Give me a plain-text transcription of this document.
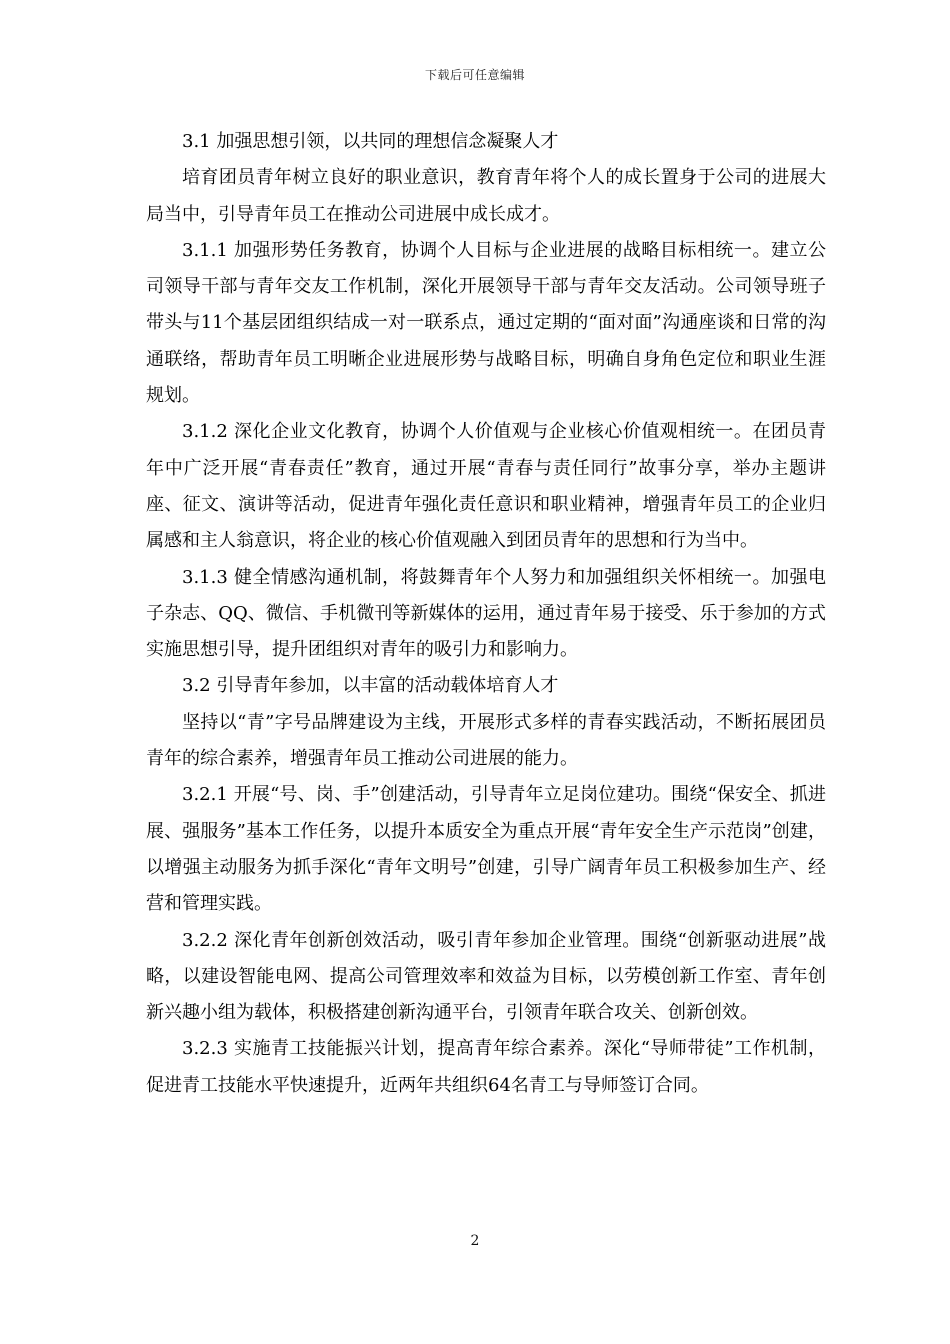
下载后可任意编辑

3.1 加强思想引领，以共同的理想信念凝聚人才

培育团员青年树立良好的职业意识，教育青年将个人的成长置身于公司的进展大局当中，引导青年员工在推动公司进展中成长成才。

3.1.1 加强形势任务教育，协调个人目标与企业进展的战略目标相统一。建立公司领导干部与青年交友工作机制，深化开展领导干部与青年交友活动。公司领导班子带头与11个基层团组织结成一对一联系点，通过定期的“面对面”沟通座谈和日常的沟通联络，帮助青年员工明晰企业进展形势与战略目标，明确自身角色定位和职业生涯规划。

3.1.2 深化企业文化教育，协调个人价值观与企业核心价值观相统一。在团员青年中广泛开展“青春责任”教育，通过开展“青春与责任同行”故事分享，举办主题讲座、征文、演讲等活动，促进青年强化责任意识和职业精神，增强青年员工的企业归属感和主人翁意识，将企业的核心价值观融入到团员青年的思想和行为当中。

3.1.3 健全情感沟通机制，将鼓舞青年个人努力和加强组织关怀相统一。加强电子杂志、QQ、微信、手机微刊等新媒体的运用，通过青年易于接受、乐于参加的方式实施思想引导，提升团组织对青年的吸引力和影响力。

3.2 引导青年参加，以丰富的活动载体培育人才

坚持以“青”字号品牌建设为主线，开展形式多样的青春实践活动，不断拓展团员青年的综合素养，增强青年员工推动公司进展的能力。

3.2.1 开展“号、岗、手”创建活动，引导青年立足岗位建功。围绕“保安全、抓进展、强服务”基本工作任务，以提升本质安全为重点开展“青年安全生产示范岗”创建，以增强主动服务为抓手深化“青年文明号”创建，引导广阔青年员工积极参加生产、经营和管理实践。

3.2.2 深化青年创新创效活动，吸引青年参加企业管理。围绕“创新驱动进展”战略，以建设智能电网、提高公司管理效率和效益为目标，以劳模创新工作室、青年创新兴趣小组为载体，积极搭建创新沟通平台，引领青年联合攻关、创新创效。

3.2.3 实施青工技能振兴计划，提高青年综合素养。深化“导师带徒”工作机制，促进青工技能水平快速提升，近两年共组织64名青工与导师签订合同。

2
